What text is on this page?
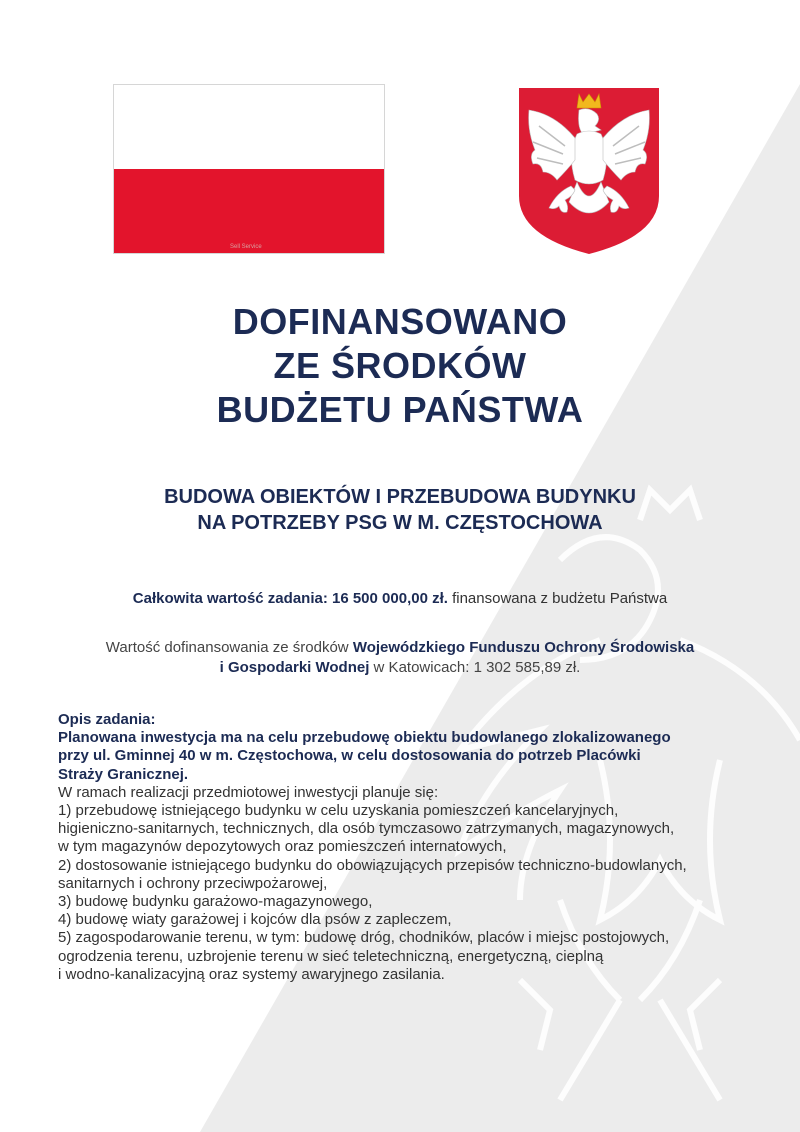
Sell Service
DOFINANSOWANO
ZE ŚRODKÓW
BUDŻETU PAŃSTWA
BUDOWA OBIEKTÓW I PRZEBUDOWA BUDYNKU
NA POTRZEBY PSG W M. CZĘSTOCHOWA
Całkowita wartość zadania: 16 500 000,00 zł. finansowana z budżetu Państwa
Wartość dofinansowania ze środków Wojewódzkiego Funduszu Ochrony Środowiska
i Gospodarki Wodnej w Katowicach: 1 302 585,89 zł.
Opis zadania:
Planowana inwestycja ma na celu przebudowę obiektu budowlanego zlokalizowanego
przy ul. Gminnej 40 w m. Częstochowa, w celu dostosowania do potrzeb Placówki
Straży Granicznej.
W ramach realizacji przedmiotowej inwestycji planuje się:
1) przebudowę istniejącego budynku w celu uzyskania pomieszczeń kancelaryjnych,
higieniczno-sanitarnych, technicznych, dla osób tymczasowo zatrzymanych, magazynowych,
w tym magazynów depozytowych oraz pomieszczeń internatowych,
2) dostosowanie istniejącego budynku do obowiązujących przepisów techniczno-budowlanych,
sanitarnych i ochrony przeciwpożarowej,
3) budowę budynku garażowo-magazynowego,
4) budowę wiaty garażowej i kojców dla psów z zapleczem,
5) zagospodarowanie terenu, w tym: budowę dróg, chodników, placów i miejsc postojowych,
ogrodzenia terenu, uzbrojenie terenu w sieć teletechniczną, energetyczną, cieplną
i wodno-kanalizacyjną oraz systemy awaryjnego zasilania.
